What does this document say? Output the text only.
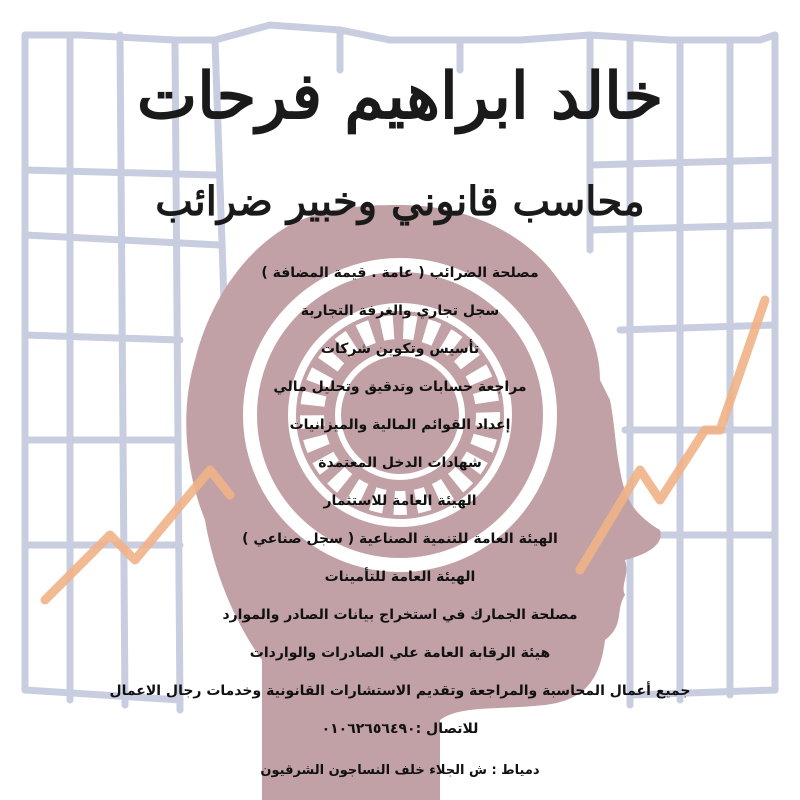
خالد ابراهيم فرحات
محاسب قانوني وخبير ضرائب
مصلحة الضرائب ( عامة . قيمة المضافة )
سجل تجاري والغرفة التجارية
تأسيس وتكوين شركات
مراجعة حسابات وتدقيق وتحليل مالي
إعداد القوائم المالية والميزانيات
شهادات الدخل المعتمدة
الهيئة العامة للاستثمار
الهيئة العامة للتنمية الصناعية ( سجل صناعي )
الهيئة العامة للتأمينات
مصلحة الجمارك في استخراج بيانات الصادر والموارد
هيئة الرقابة العامة علي الصادرات والواردات
جميع أعمال المحاسبة والمراجعة وتقديم الاستشارات القانونية وخدمات رجال الاعمال
للاتصال :٠١٠٦٢٦٥٦٤٩٠
دمياط : ش الجلاء خلف النساجون الشرقيون
